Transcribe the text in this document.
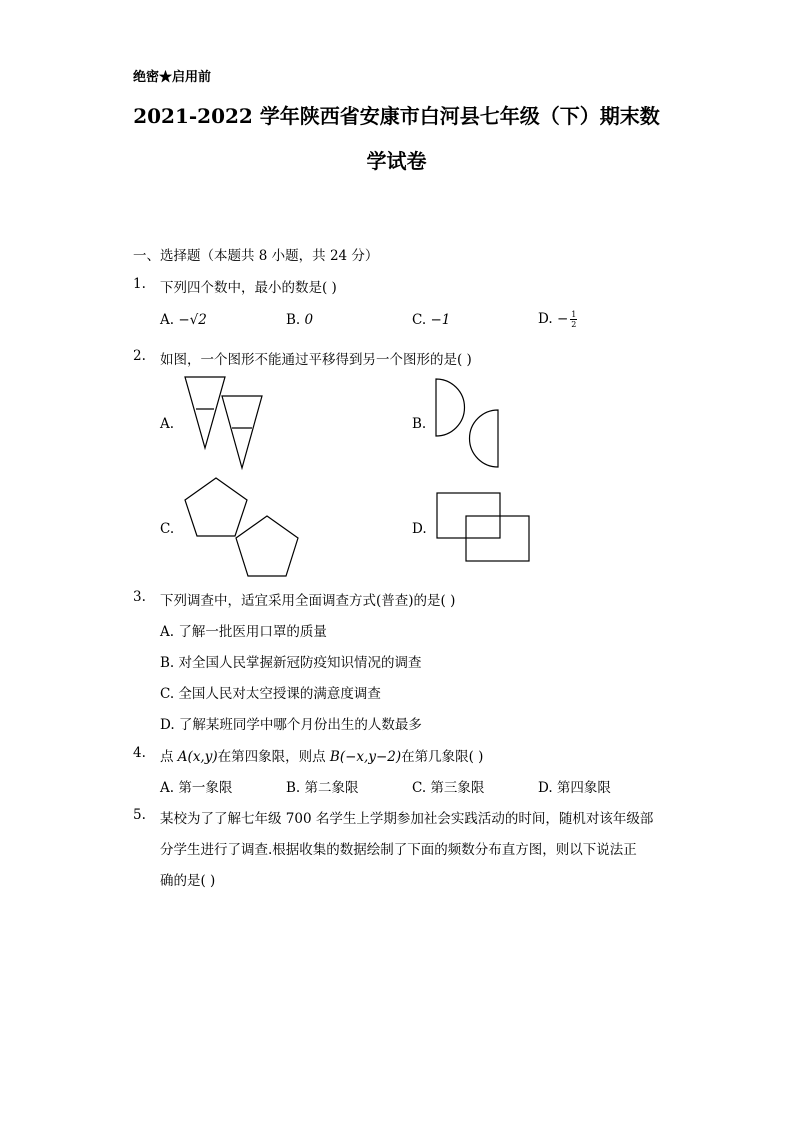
绝密★启用前
2021-2022 学年陕西省安康市白河县七年级（下）期末数
学试卷
一、选择题（本题共 8 小题，共 24 分）
1. 下列四个数中，最小的数是( )
A. −√2	B. 0	C. −1	D. − $\frac{1}{2}$
2. 如图，一个图形不能通过平移得到另一个图形的是( )
A.	B.
C.	D.
3. 下列调查中，适宜采用全面调查方式(普查)的是( )
A. 了解一批医用口罩的质量
B. 对全国人民掌握新冠防疫知识情况的调查
C. 全国人民对太空授课的满意度调查
D. 了解某班同学中哪个月份出生的人数最多
4. 点 A(x,y)在第四象限，则点 B(−x,y−2)在第几象限( )
A. 第一象限	B. 第二象限	C. 第三象限	D. 第四象限
5. 某校为了了解七年级 700 名学生上学期参加社会实践活动的时间，随机对该年级部
分学生进行了调查.根据收集的数据绘制了下面的频数分布直方图，则以下说法正
确的是( )
